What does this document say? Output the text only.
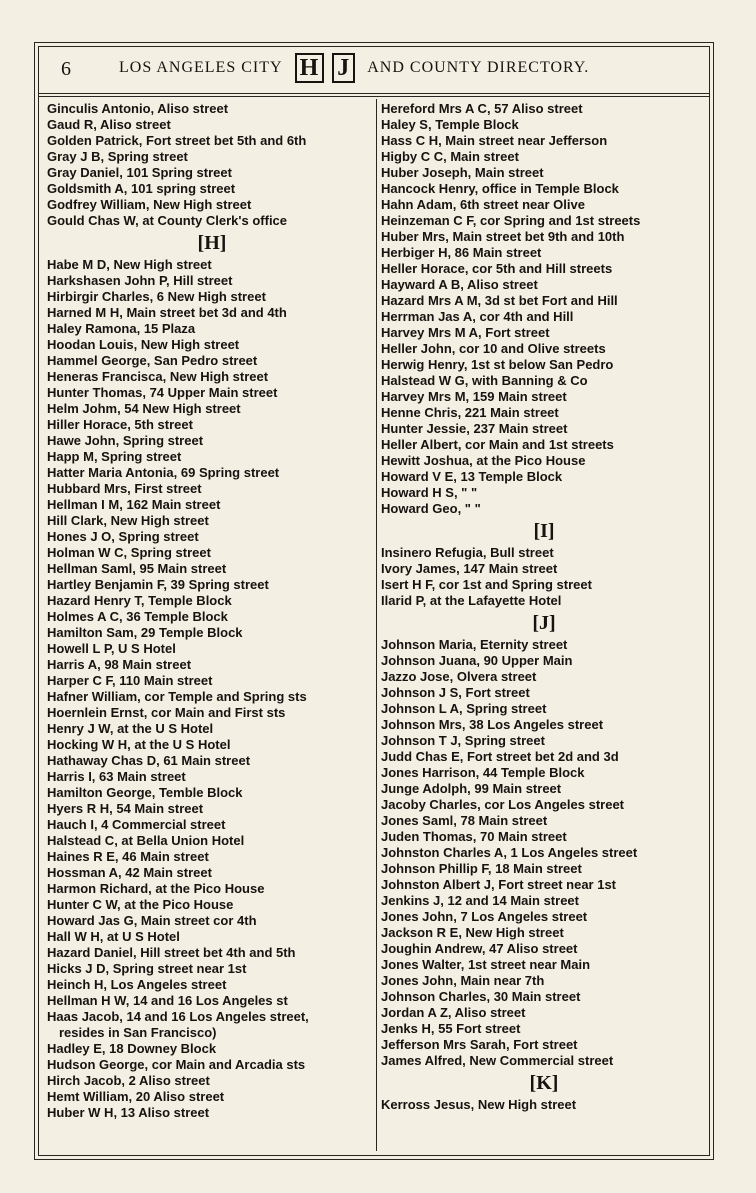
6	LOS ANGELES CITY H J	AND COUNTY DIRECTORY.
Ginculis Antonio, Aliso street
Gaud R, Aliso street
Golden Patrick, Fort street bet 5th and 6th
Gray J B, Spring street
Gray Daniel, 101 Spring street
Goldsmith A, 101 spring street
Godfrey William, New High street
Gould Chas W, at County Clerk's office
[H]
Habe M D, New High street
Harkshasen John P, Hill street
Hirbirgir Charles, 6 New High street
Harned M H, Main street bet 3d and 4th
Haley Ramona, 15 Plaza
Hoodan Louis, New High street
Hammel George, San Pedro street
Heneras Francisca, New High street
Hunter Thomas, 74 Upper Main street
Helm Johm, 54 New High street
Hiller Horace, 5th street
Hawe John, Spring street
Happ M, Spring street
Hatter Maria Antonia, 69 Spring street
Hubbard Mrs, First street
Hellman I M, 162 Main street
Hill Clark, New High street
Hones J O, Spring street
Holman W C, Spring street
Hellman Saml, 95 Main street
Hartley Benjamin F, 39 Spring street
Hazard Henry T, Temple Block
Holmes A C, 36 Temple Block
Hamilton Sam, 29 Temple Block
Howell L P, U S Hotel
Harris A, 98 Main street
Harper C F, 110 Main street
Hafner William, cor Temple and Spring sts
Hoernlein Ernst, cor Main and First sts
Henry J W, at the U S Hotel
Hocking W H, at the U S Hotel
Hathaway Chas D, 61 Main street
Harris I, 63 Main street
Hamilton George, Temble Block
Hyers R H, 54 Main street
Hauch I, 4 Commercial street
Halstead C, at Bella Union Hotel
Haines R E, 46 Main street
Hossman A, 42 Main street
Harmon Richard, at the Pico House
Hunter C W, at the Pico House
Howard Jas G, Main street cor 4th
Hall W H, at U S Hotel
Hazard Daniel, Hill street bet 4th and 5th
Hicks J D, Spring street near 1st
Heinch H, Los Angeles street
Hellman H W, 14 and 16 Los Angeles st
Haas Jacob, 14 and 16 Los Angeles street,
resides in San Francisco)
Hadley E, 18 Downey Block
Hudson George, cor Main and Arcadia sts
Hirch Jacob, 2 Aliso street
Hemt William, 20 Aliso street
Huber W H, 13 Aliso street
Hereford Mrs A C, 57 Aliso street
Haley S, Temple Block
Hass C H, Main street near Jefferson
Higby C C, Main street
Huber Joseph, Main street
Hancock Henry, office in Temple Block
Hahn Adam, 6th street near Olive
Heinzeman C F, cor Spring and 1st streets
Huber Mrs, Main street bet 9th and 10th
Herbiger H, 86 Main street
Heller Horace, cor 5th and Hill streets
Hayward A B, Aliso street
Hazard Mrs A M, 3d st bet Fort and Hill
Herrman Jas A, cor 4th and Hill
Harvey Mrs M A, Fort street
Heller John, cor 10 and Olive streets
Herwig Henry, 1st st below San Pedro
Halstead W G, with Banning & Co
Harvey Mrs M, 159 Main street
Henne Chris, 221 Main street
Hunter Jessie, 237 Main street
Heller Albert, cor Main and 1st streets
Hewitt Joshua, at the Pico House
Howard V E, 13 Temple Block
Howard H S, " "
Howard Geo, " "
[I]
Insinero Refugia, Bull street
Ivory James, 147 Main street
Isert H F, cor 1st and Spring street
Ilarid P, at the Lafayette Hotel
[J]
Johnson Maria, Eternity street
Johnson Juana, 90 Upper Main
Jazzo Jose, Olvera street
Johnson J S, Fort street
Johnson L A, Spring street
Johnson Mrs, 38 Los Angeles street
Johnson T J, Spring street
Judd Chas E, Fort street bet 2d and 3d
Jones Harrison, 44 Temple Block
Junge Adolph, 99 Main street
Jacoby Charles, cor Los Angeles street
Jones Saml, 78 Main street
Juden Thomas, 70 Main street
Johnston Charles A, 1 Los Angeles street
Johnson Phillip F, 18 Main street
Johnston Albert J, Fort street near 1st
Jenkins J, 12 and 14 Main street
Jones John, 7 Los Angeles street
Jackson R E, New High street
Joughin Andrew, 47 Aliso street
Jones Walter, 1st street near Main
Jones John, Main near 7th
Johnson Charles, 30 Main street
Jordan A Z, Aliso street
Jenks H, 55 Fort street
Jefferson Mrs Sarah, Fort street
James Alfred, New Commercial street
[K]
Kerross Jesus, New High street
